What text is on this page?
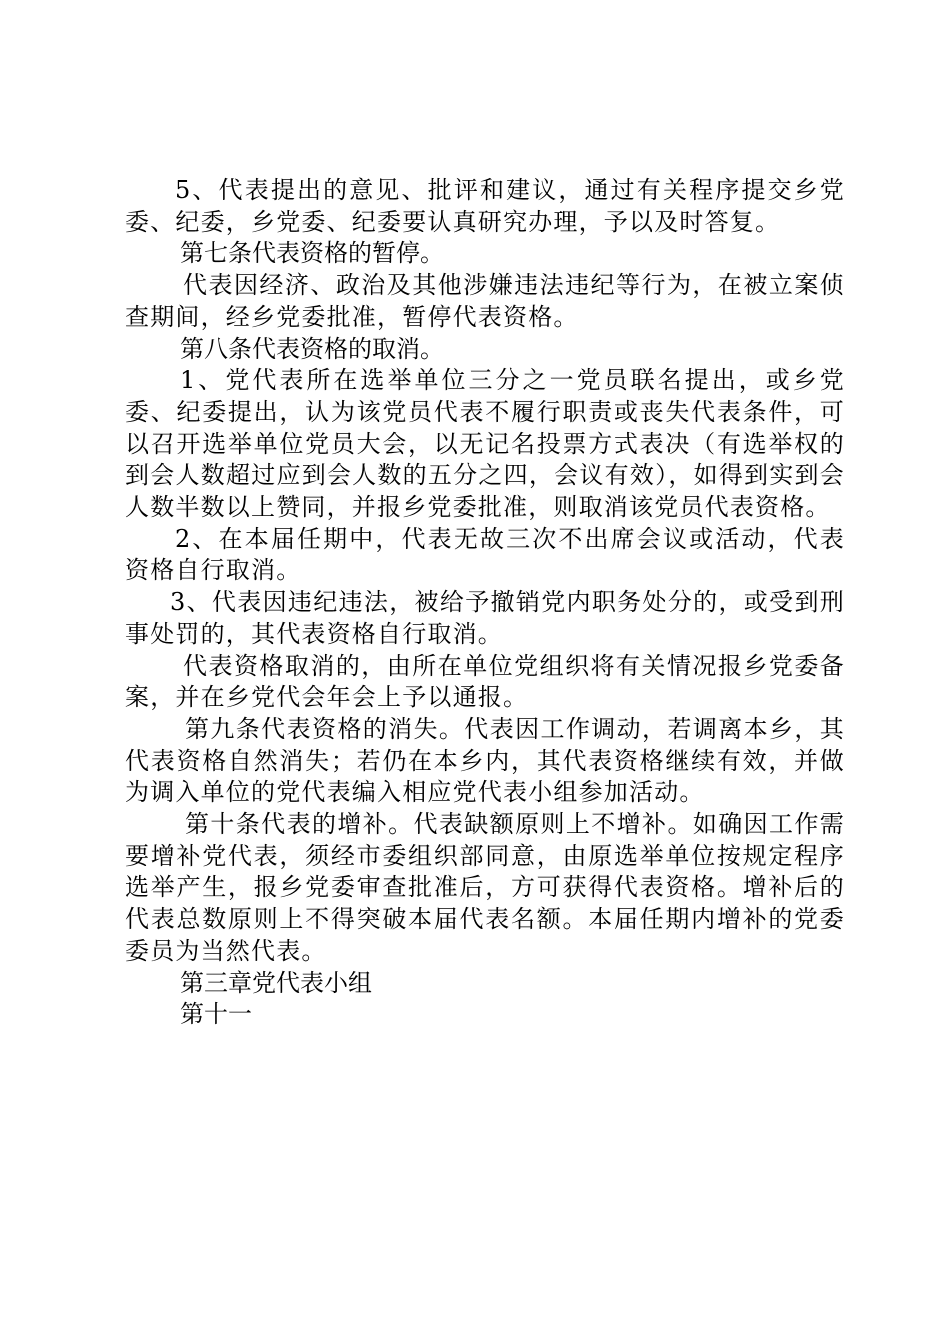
5、代表提出的意见、批评和建议，通过有关程序提交乡党委、纪委，乡党委、纪委要认真研究办理，予以及时答复。

第七条代表资格的暂停。

代表因经济、政治及其他涉嫌违法违纪等行为，在被立案侦查期间，经乡党委批准，暂停代表资格。

第八条代表资格的取消。

1、党代表所在选举单位三分之一党员联名提出，或乡党委、纪委提出，认为该党员代表不履行职责或丧失代表条件，可以召开选举单位党员大会，以无记名投票方式表决（有选举权的到会人数超过应到会人数的五分之四，会议有效），如得到实到会人数半数以上赞同，并报乡党委批准，则取消该党员代表资格。

2、在本届任期中，代表无故三次不出席会议或活动，代表资格自行取消。

3、代表因违纪违法，被给予撤销党内职务处分的，或受到刑事处罚的，其代表资格自行取消。

代表资格取消的，由所在单位党组织将有关情况报乡党委备案，并在乡党代会年会上予以通报。

第九条代表资格的消失。代表因工作调动，若调离本乡，其代表资格自然消失；若仍在本乡内，其代表资格继续有效，并做为调入单位的党代表编入相应党代表小组参加活动。

第十条代表的增补。代表缺额原则上不增补。如确因工作需要增补党代表，须经市委组织部同意，由原选举单位按规定程序选举产生，报乡党委审查批准后，方可获得代表资格。增补后的代表总数原则上不得突破本届代表名额。本届任期内增补的党委委员为当然代表。

第三章党代表小组

第十一
